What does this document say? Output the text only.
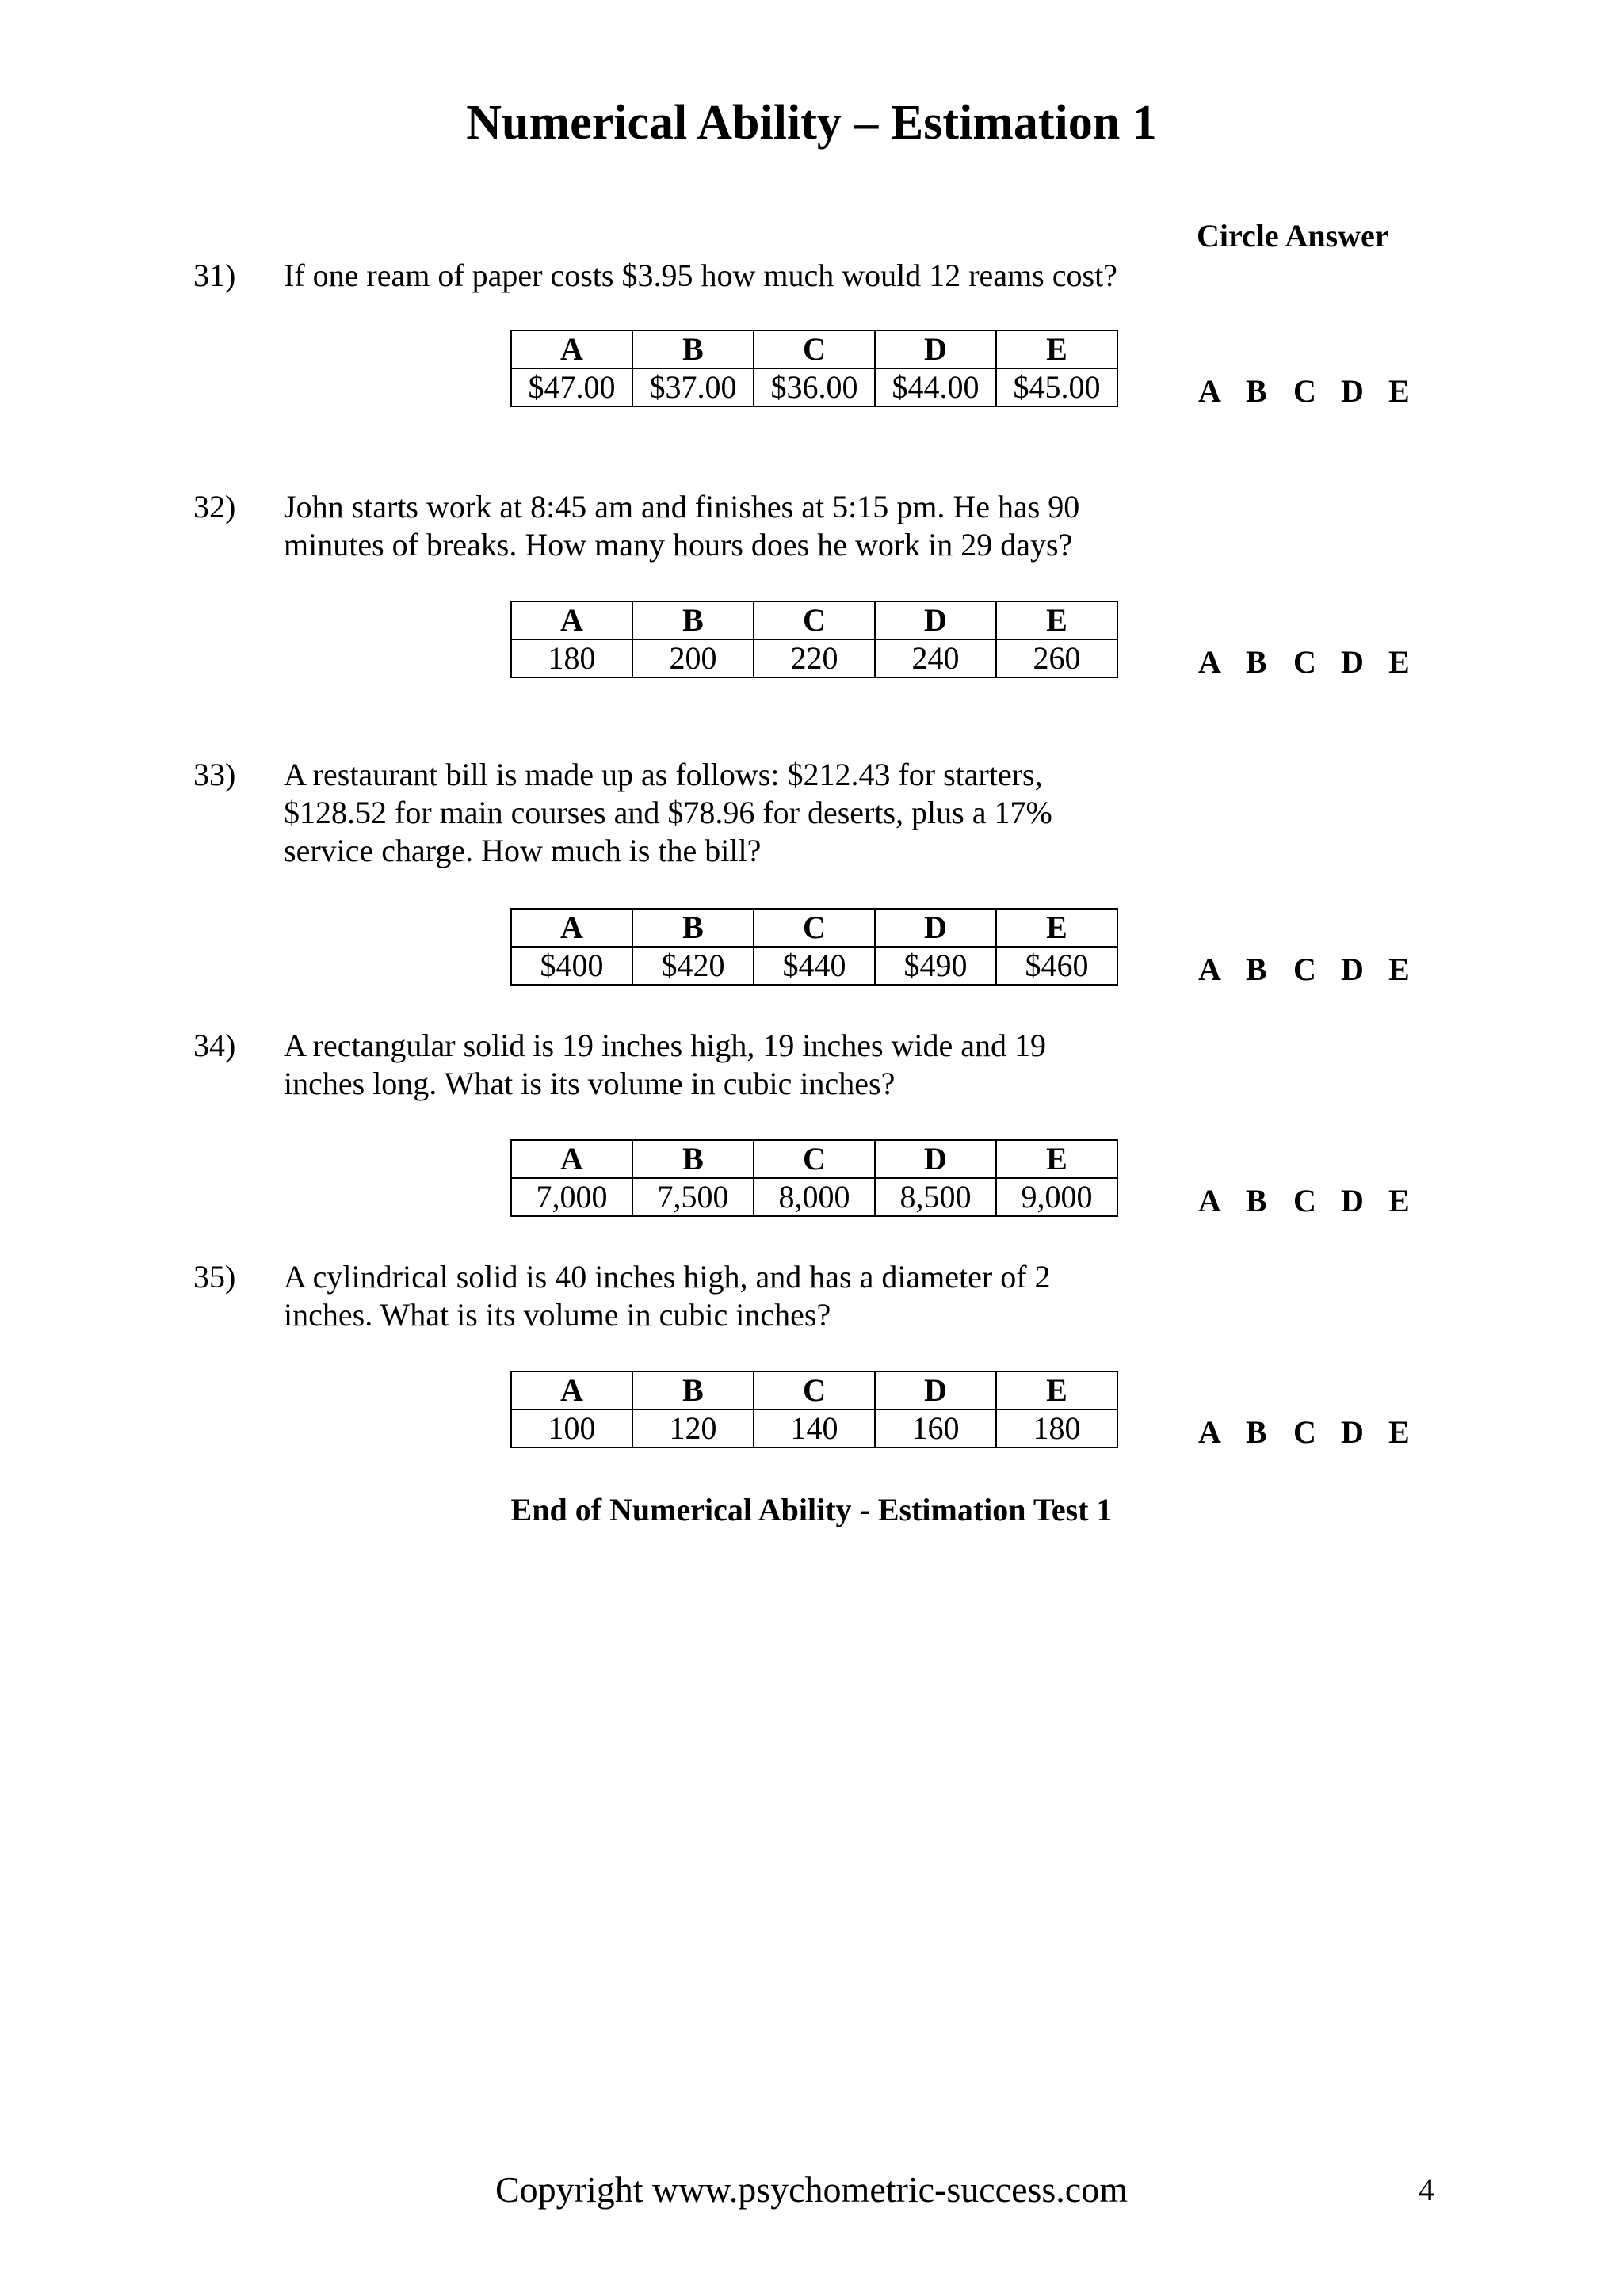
Numerical Ability – Estimation 1
Circle Answer
31) If one ream of paper costs $3.95 how much would 12 reams cost?
A	B	C	D	E
$47.00	$37.00	$36.00	$44.00	$45.00	A B C D E
32) John starts work at 8:45 am and finishes at 5:15 pm. He has 90
minutes of breaks. How many hours does he work in 29 days?
A	B	C	D	E
180	200	220	240	260	A B C D E
33) A restaurant bill is made up as follows: $212.43 for starters,
$128.52 for main courses and $78.96 for deserts, plus a 17%
service charge. How much is the bill?
A	B	C	D	E
$400	$420	$440	$490	$460	A B C D E
34) A rectangular solid is 19 inches high, 19 inches wide and 19
inches long. What is its volume in cubic inches?
A	B	C	D	E
7,000	7,500	8,000	8,500	9,000	A B C D E
35) A cylindrical solid is 40 inches high, and has a diameter of 2
inches. What is its volume in cubic inches?
A	B	C	D	E
100	120	140	160	180	A B C D E
End of Numerical Ability - Estimation Test 1
Copyright www.psychometric-success.com	4
